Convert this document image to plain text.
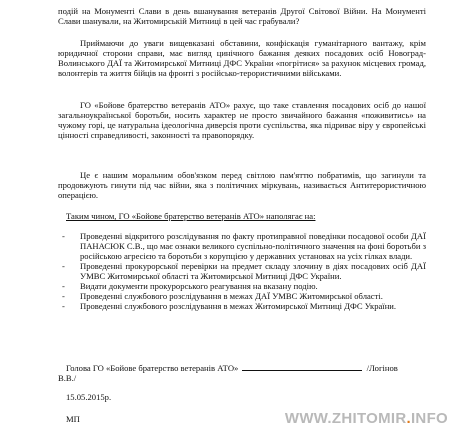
подій на Монументі Слави в день вшанування ветеранів Другої Світової Війни. На Монументі Слави шанували, на Житомирській Митниці в цей час грабували?

Приймаючи до уваги вищевказані обставини, конфіскація гуманітарного вантажу, крім юридичної сторони справи, має вигляд цинічного бажання деяких посадових осіб Новоград-Волинського ДАЇ та Житомирської Митниці ДФС України «погрітися» за рахунок місцевих громад, волонтерів та життя бійців на фронті з російсько-терористичними військами.

ГО «Бойове братерство ветеранів АТО» рахує, що таке ставлення посадових осіб до нашої загальноукраїнської боротьби, носить характер не просто звичайного бажання «поживитись» на чужому горі, це натуральна ідеологічна диверсія проти суспільства, яка підриває віру у європейські цінності справедливості, законності та правопорядку.

Це є нашим моральним обов'язком перед світлою пам'яттю побратимів, що загинули та продовжують гинути під час війни, яка з політичних міркувань, називається Антитерористичною операцією.

Таким чином, ГО «Бойове братерство ветеранів АТО» наполягає на:

- Проведенні відкритого розслідування по факту протиправної поведінки посадової особи ДАЇ ПАНАСЮК С.В., що має ознаки великого суспільно-політичного значення на фоні боротьби з російською агресією та боротьби з корупцією у державних установах на усіх гілках влади.
- Проведенні прокурорської перевірки на предмет складу злочину в діях посадових осіб ДАЇ УМВС Житомирської області та Житомирської Митниці ДФС України.
- Видати документи прокурорського реагування на вказану подію.
- Проведенні службового розслідування в межах ДАЇ УМВС Житомирської області.
- Проведенні службового розслідування в межах Житомирської Митниці ДФС України.
Голова ГО «Бойове братерство ветеранів АТО»	/Логінов
В.В./
15.05.2015р.
МП	WWW.ZHITOMIR.INFO
